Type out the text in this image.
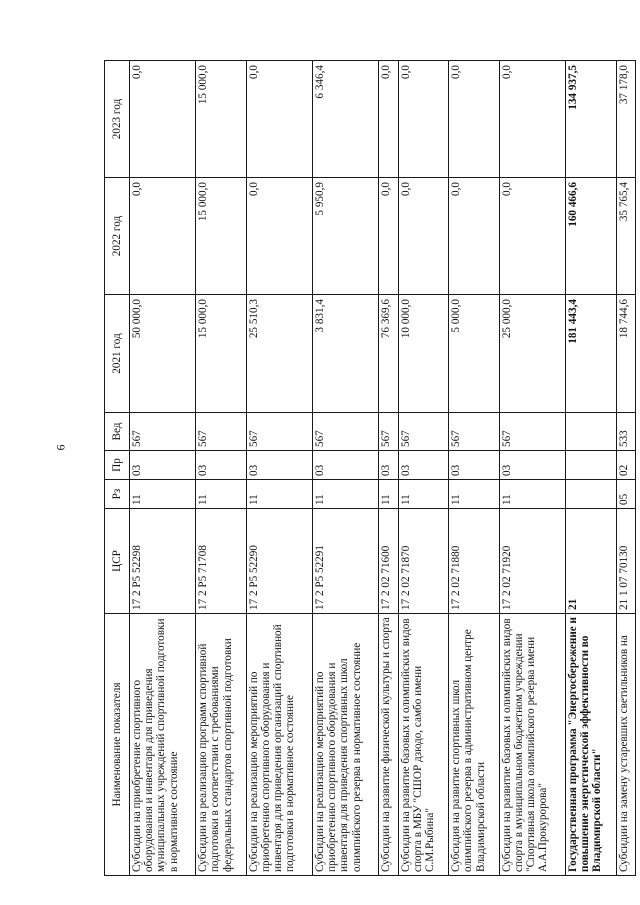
6
Наименование показателя	ЦСР	Рз	Пр	Вед	2021 год	2022 год	2023 год
Субсидии на приобретение спортивного оборудования и инвентаря для приведения муниципальных учреждений спортивной подготовки в нормативное состояние	17 2 P5 52298	11	03	567	50 000,0	0,0	0,0
Субсидии на реализацию программ спортивной подготовки в соответствии с требованиями федеральных стандартов спортивной подготовки	17 2 P5 71708	11	03	567	15 000,0	15 000,0	15 000,0
Субсидии на реализацию мероприятий по приобретению спортивного оборудования и инвентаря для приведения организаций спортивной подготовки в нормативное состояние	17 2 P5 52290	11	03	567	25 510,3	0,0	0,0
Субсидии на реализацию мероприятий по приобретению спортивного оборудования и инвентаря для приведения спортивных школ олимпийского резерва в нормативное состояние	17 2 P5 52291	11	03	567	3 831,4	5 950,9	6 346,4
Субсидии на развитие физической культуры и спорта	17 2 02 71600	11	03	567	76 369,6	0,0	0,0
Субсидии на развитие базовых и олимпийских видов спорта в МБУ "СШОР дзюдо, самбо имени С.М.Рыбина"	17 2 02 71870	11	03	567	10 000,0	0,0	0,0
Субсидия на развитие спортивных школ олимпийского резерва в административном центре Владимирской области	17 2 02 71880	11	03	567	5 000,0	0,0	0,0
Субсидии на развитие базовых и олимпийских видов спорта в муниципальном бюджетном учреждении "Спортивная школа олимпийского резерва имени А.А.Прокуророва"	17 2 02 71920	11	03	567	25 000,0	0,0	0,0
Государственная программа "Энергосбережение и повышение энергетической эффективности во Владимирской области"	21				181 443,4	160 466,6	134 937,5
Субсидии на замену устаревших светильников на	21 1 07 70130	05	02	533	18 744,6	35 765,4	37 178,0
